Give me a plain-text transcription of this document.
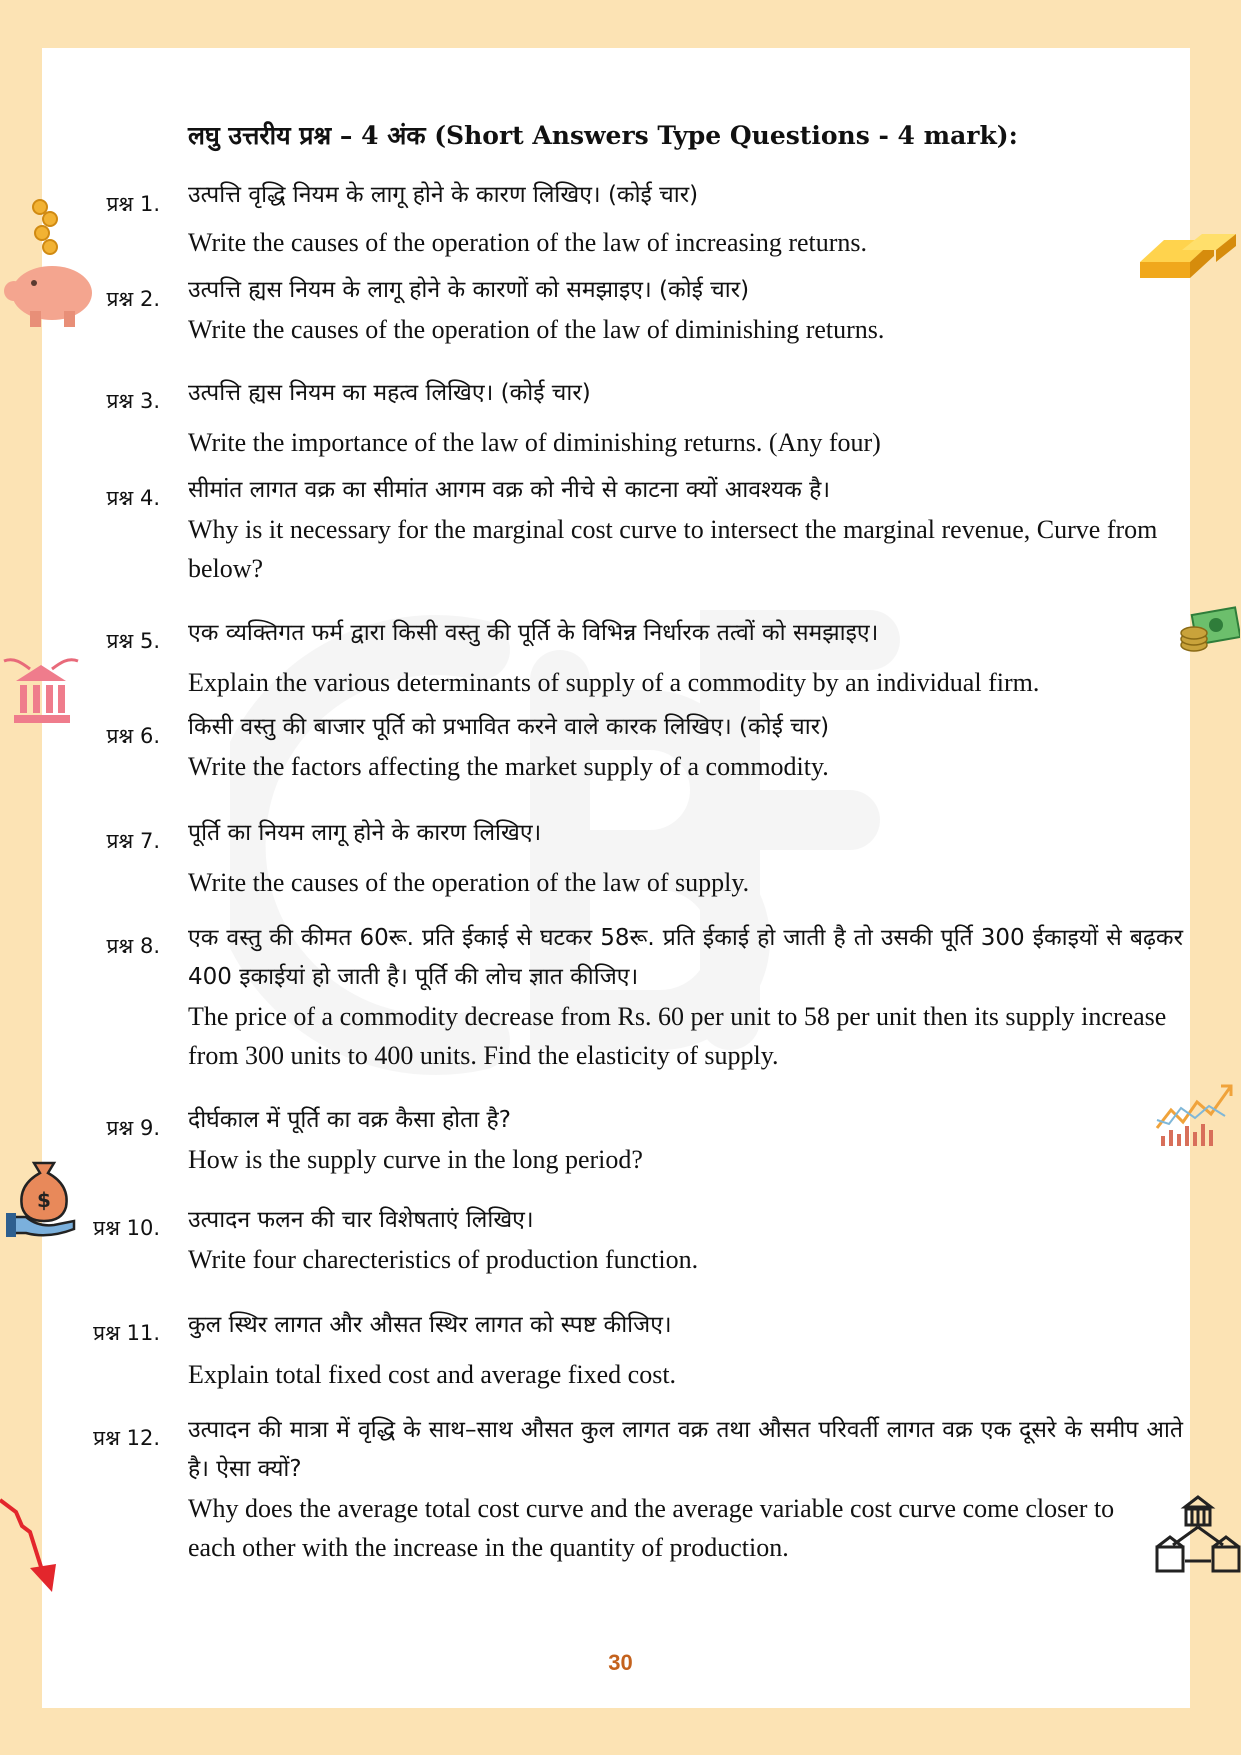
लघु उत्तरीय प्रश्न – 4 अंक (Short Answers Type Questions - 4 mark):
प्रश्न 1. उत्पत्ति वृद्धि नियम के लागू होने के कारण लिखिए। (कोई चार)
Write the causes of the operation of the law of increasing returns.
प्रश्न 2. उत्पत्ति ह्यस नियम के लागू होने के कारणों को समझाइए। (कोई चार)
Write the causes of the operation of the law of diminishing returns.
प्रश्न 3. उत्पत्ति ह्यस नियम का महत्व लिखिए। (कोई चार)
Write the importance of the law of diminishing returns. (Any four)
प्रश्न 4. सीमांत लागत वक्र का सीमांत आगम वक्र को नीचे से काटना क्यों आवश्यक है।
Why is it necessary for the marginal cost curve to intersect the marginal revenue, Curve from below?
प्रश्न 5. एक व्यक्तिगत फर्म द्वारा किसी वस्तु की पूर्ति के विभिन्न निर्धारक तत्वों को समझाइए।
Explain the various determinants of supply of a commodity by an individual firm.
प्रश्न 6. किसी वस्तु की बाजार पूर्ति को प्रभावित करने वाले कारक लिखिए। (कोई चार)
Write the factors affecting the market supply of a commodity.
प्रश्न 7. पूर्ति का नियम लागू होने के कारण लिखिए।
Write the causes of the operation of the law of supply.
प्रश्न 8. एक वस्तु की कीमत 60रू. प्रति ईकाई से घटकर 58रू. प्रति ईकाई हो जाती है तो उसकी पूर्ति 300 ईकाइयों से बढ़कर 400 इकाईयां हो जाती है। पूर्ति की लोच ज्ञात कीजिए।
The price of a commodity decrease from Rs. 60 per unit to 58 per unit then its supply increase from 300 units to 400 units. Find the elasticity of supply.
प्रश्न 9. दीर्घकाल में पूर्ति का वक्र कैसा होता है?
How is the supply curve in the long period?
प्रश्न 10. उत्पादन फलन की चार विशेषताएं लिखिए।
Write four charecteristics of production function.
प्रश्न 11. कुल स्थिर लागत और औसत स्थिर लागत को स्पष्ट कीजिए।
Explain total fixed cost and average fixed cost.
प्रश्न 12. उत्पादन की मात्रा में वृद्धि के साथ–साथ औसत कुल लागत वक्र तथा औसत परिवर्ती लागत वक्र एक दूसरे के समीप आते है। ऐसा क्यों?
Why does the average total cost curve and the average variable cost curve come closer to each other with the increase in the quantity of production.
30
$
